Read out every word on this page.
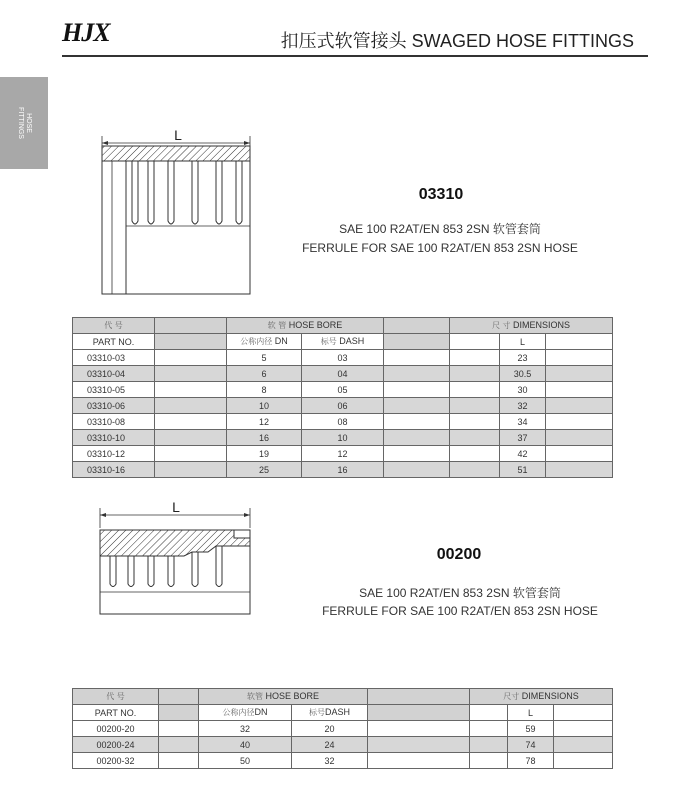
HJX	扣压式软管接头 SWAGED HOSE FITTINGS
HOSE
FITTINGS	L
03310
SAE 100 R2AT/EN 853 2SN 软管套筒
FERRULE FOR SAE 100 R2AT/EN 853 2SN HOSE
代 号		软 管 HOSE BORE			尺 寸 DIMENSIONS		
PART NO.		公称内径 DN	标号 DASH			L	
03310-03		5	03			23	
03310-04		6	04			30.5	
03310-05		8	05			30	
03310-06		10	06			32	
03310-08		12	08			34	
03310-10		16	10			37	
03310-12		19	12			42	
03310-16		25	16			51	
L
00200
SAE 100 R2AT/EN 853 2SN 软管套筒
FERRULE FOR SAE 100 R2AT/EN 853 2SN HOSE
代 号		软管 HOSE BORE			尺寸 DIMENSIONS		
PART NO.		公称内径DN	标号DASH			L	
00200-20		32	20			59	
00200-24		40	24			74	
00200-32		50	32			78	
